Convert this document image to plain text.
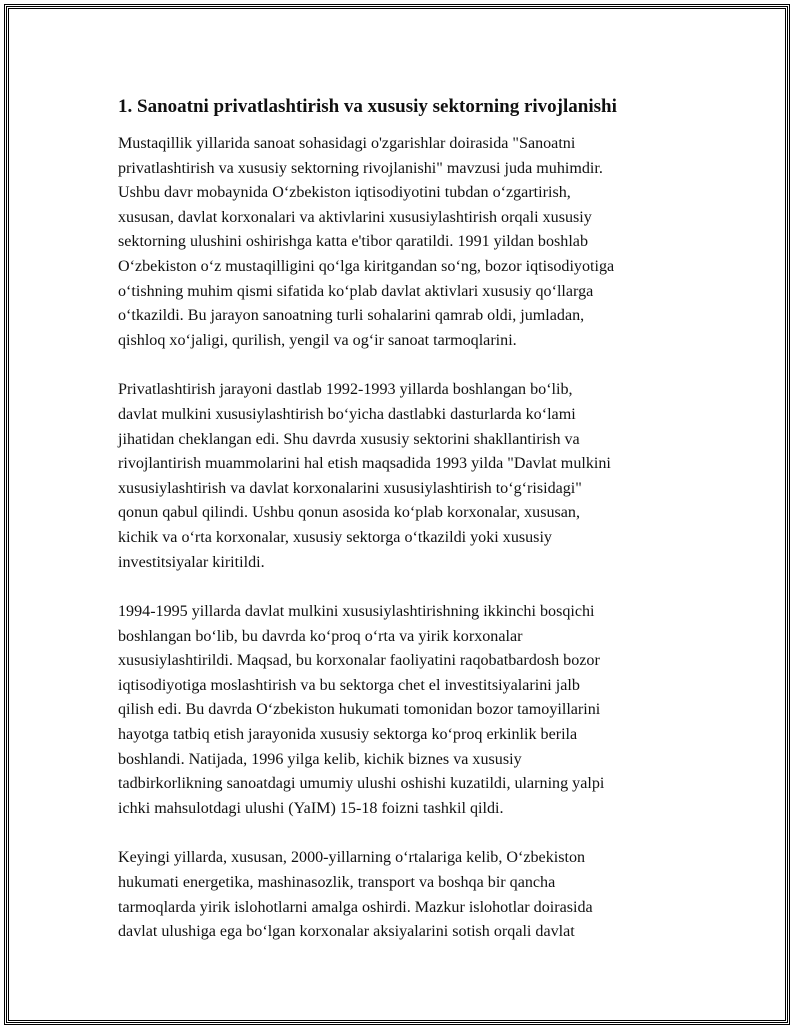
1. Sanoatni privatlashtirish va xususiy sektorning rivojlanishi

Mustaqillik yillarida sanoat sohasidagi o'zgarishlar doirasida "Sanoatni
privatlashtirish va xususiy sektorning rivojlanishi" mavzusi juda muhimdir.
Ushbu davr mobaynida O‘zbekiston iqtisodiyotini tubdan o‘zgartirish,
xususan, davlat korxonalari va aktivlarini xususiylashtirish orqali xususiy
sektorning ulushini oshirishga katta e'tibor qaratildi. 1991 yildan boshlab
O‘zbekiston o‘z mustaqilligini qo‘lga kiritgandan so‘ng, bozor iqtisodiyotiga
o‘tishning muhim qismi sifatida ko‘plab davlat aktivlari xususiy qo‘llarga
o‘tkazildi. Bu jarayon sanoatning turli sohalarini qamrab oldi, jumladan,
qishloq xo‘jaligi, qurilish, yengil va og‘ir sanoat tarmoqlarini.

Privatlashtirish jarayoni dastlab 1992-1993 yillarda boshlangan bo‘lib,
davlat mulkini xususiylashtirish bo‘yicha dastlabki dasturlarda ko‘lami
jihatidan cheklangan edi. Shu davrda xususiy sektorini shakllantirish va
rivojlantirish muammolarini hal etish maqsadida 1993 yilda "Davlat mulkini
xususiylashtirish va davlat korxonalarini xususiylashtirish to‘g‘risidagi"
qonun qabul qilindi. Ushbu qonun asosida ko‘plab korxonalar, xususan,
kichik va o‘rta korxonalar, xususiy sektorga o‘tkazildi yoki xususiy
investitsiyalar kiritildi.

1994-1995 yillarda davlat mulkini xususiylashtirishning ikkinchi bosqichi
boshlangan bo‘lib, bu davrda ko‘proq o‘rta va yirik korxonalar
xususiylashtirildi. Maqsad, bu korxonalar faoliyatini raqobatbardosh bozor
iqtisodiyotiga moslashtirish va bu sektorga chet el investitsiyalarini jalb
qilish edi. Bu davrda O‘zbekiston hukumati tomonidan bozor tamoyillarini
hayotga tatbiq etish jarayonida xususiy sektorga ko‘proq erkinlik berila
boshlandi. Natijada, 1996 yilga kelib, kichik biznes va xususiy
tadbirkorlikning sanoatdagi umumiy ulushi oshishi kuzatildi, ularning yalpi
ichki mahsulotdagi ulushi (YaIM) 15-18 foizni tashkil qildi.

Keyingi yillarda, xususan, 2000-yillarning o‘rtalariga kelib, O‘zbekiston
hukumati energetika, mashinasozlik, transport va boshqa bir qancha
tarmoqlarda yirik islohotlarni amalga oshirdi. Mazkur islohotlar doirasida
davlat ulushiga ega bo‘lgan korxonalar aksiyalarini sotish orqali davlat
